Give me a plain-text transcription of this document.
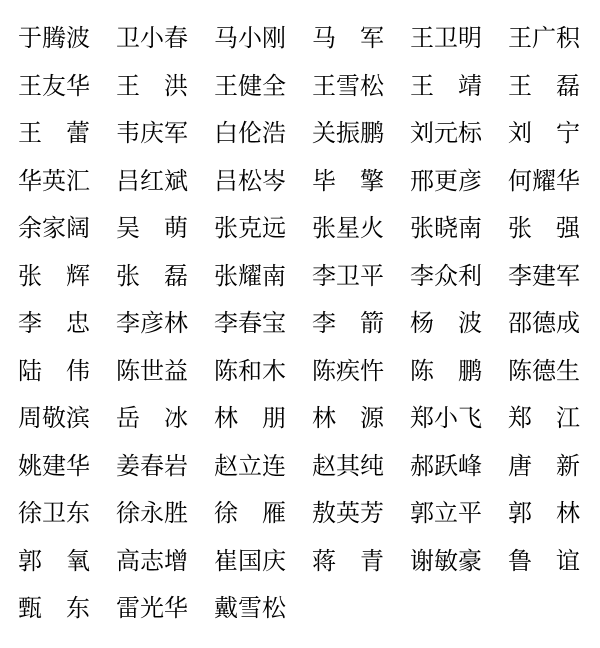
于腾波 卫小春 马小刚 马　军 王卫明 王广积
王友华 王　洪 王健全 王雪松 王　靖 王　磊
王　蕾 韦庆军 白伦浩 关振鹏 刘元标 刘　宁
华英汇 吕红斌 吕松岑 毕　擎 邢更彦 何耀华
余家阔 吴　萌 张克远 张星火 张晓南 张　强
张　辉 张　磊 张耀南 李卫平 李众利 李建军
李　忠 李彦林 李春宝 李　箭 杨　波 邵德成
陆　伟 陈世益 陈和木 陈疾忤 陈　鹏 陈德生
周敬滨 岳　冰 林　朋 林　源 郑小飞 郑　江
姚建华 姜春岩 赵立连 赵其纯 郝跃峰 唐　新
徐卫东 徐永胜 徐　雁 敖英芳 郭立平 郭　林
郭　氧 高志增 崔国庆 蒋　青 谢敏豪 鲁　谊
甄　东 雷光华 戴雪松
